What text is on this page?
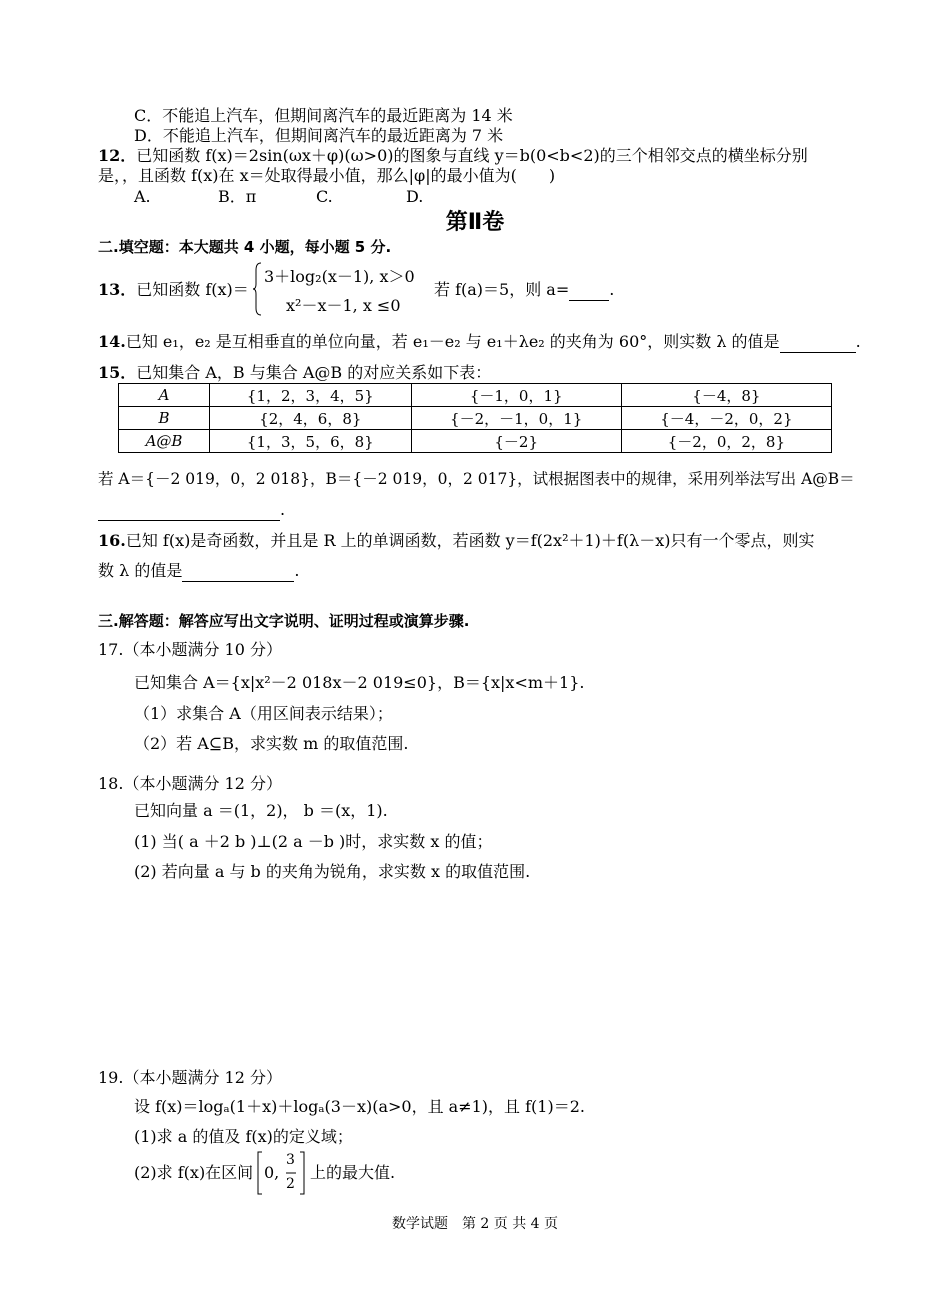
C．不能追上汽车，但期间离汽车的最近距离为 14 米
D．不能追上汽车，但期间离汽车的最近距离为 7 米
12．已知函数 f(x)＝2sin(ωx＋φ)(ω>0)的图象与直线 y＝b(0<b<2)的三个相邻交点的横坐标分别
是，，且函数 f(x)在 x＝处取得最小值，那么|φ|的最小值为(　　)
A.	B．π	C.	D.
第Ⅱ卷
二.填空题：本大题共 4 小题，每小题 5 分.
13．已知函数 f(x)＝
3＋log₂(x－1), x＞0
x²－x－1, x ≤0
若 f(a)＝5，则 a=	.
14.已知 e₁，e₂ 是互相垂直的单位向量，若 e₁－e₂ 与 e₁＋λe₂ 的夹角为 60°，则实数 λ 的值是	.
15．已知集合 A，B 与集合 A@B 的对应关系如下表：
A	{1，2，3，4，5}	{－1，0，1}	{－4，8}
B	{2，4，6，8}	{－2，－1，0，1}	{－4，－2，0，2}
A@B	{1，3，5，6，8}	{－2}	{－2，0，2，8}
若 A＝{－2 019，0，2 018}，B＝{－2 019，0，2 017}，试根据图表中的规律，采用列举法写出 A@B＝
.
16.已知 f(x)是奇函数，并且是 R 上的单调函数，若函数 y＝f(2x²＋1)＋f(λ－x)只有一个零点，则实
数 λ 的值是	.
三.解答题：解答应写出文字说明、证明过程或演算步骤.
17.（本小题满分 10 分）
已知集合 A＝{x|x²－2 018x－2 019≤0}，B＝{x|x<m＋1}.
（1）求集合 A（用区间表示结果）；
（2）若 A⊆B，求实数 m 的取值范围.
18.（本小题满分 12 分）
已知向量 a ＝(1，2)， b ＝(x，1).
(1) 当( a ＋2 b )⊥(2 a －b )时，求实数 x 的值；
(2) 若向量 a 与 b 的夹角为锐角，求实数 x 的取值范围.
19.（本小题满分 12 分）
设 f(x)＝logₐ(1＋x)＋logₐ(3－x)(a>0，且 a≠1)，且 f(1)＝2.
(1)求 a 的值及 f(x)的定义域；
(2)求 f(x)在区间 0,
3
2
上的最大值.
数学试题　第 2 页 共 4 页
